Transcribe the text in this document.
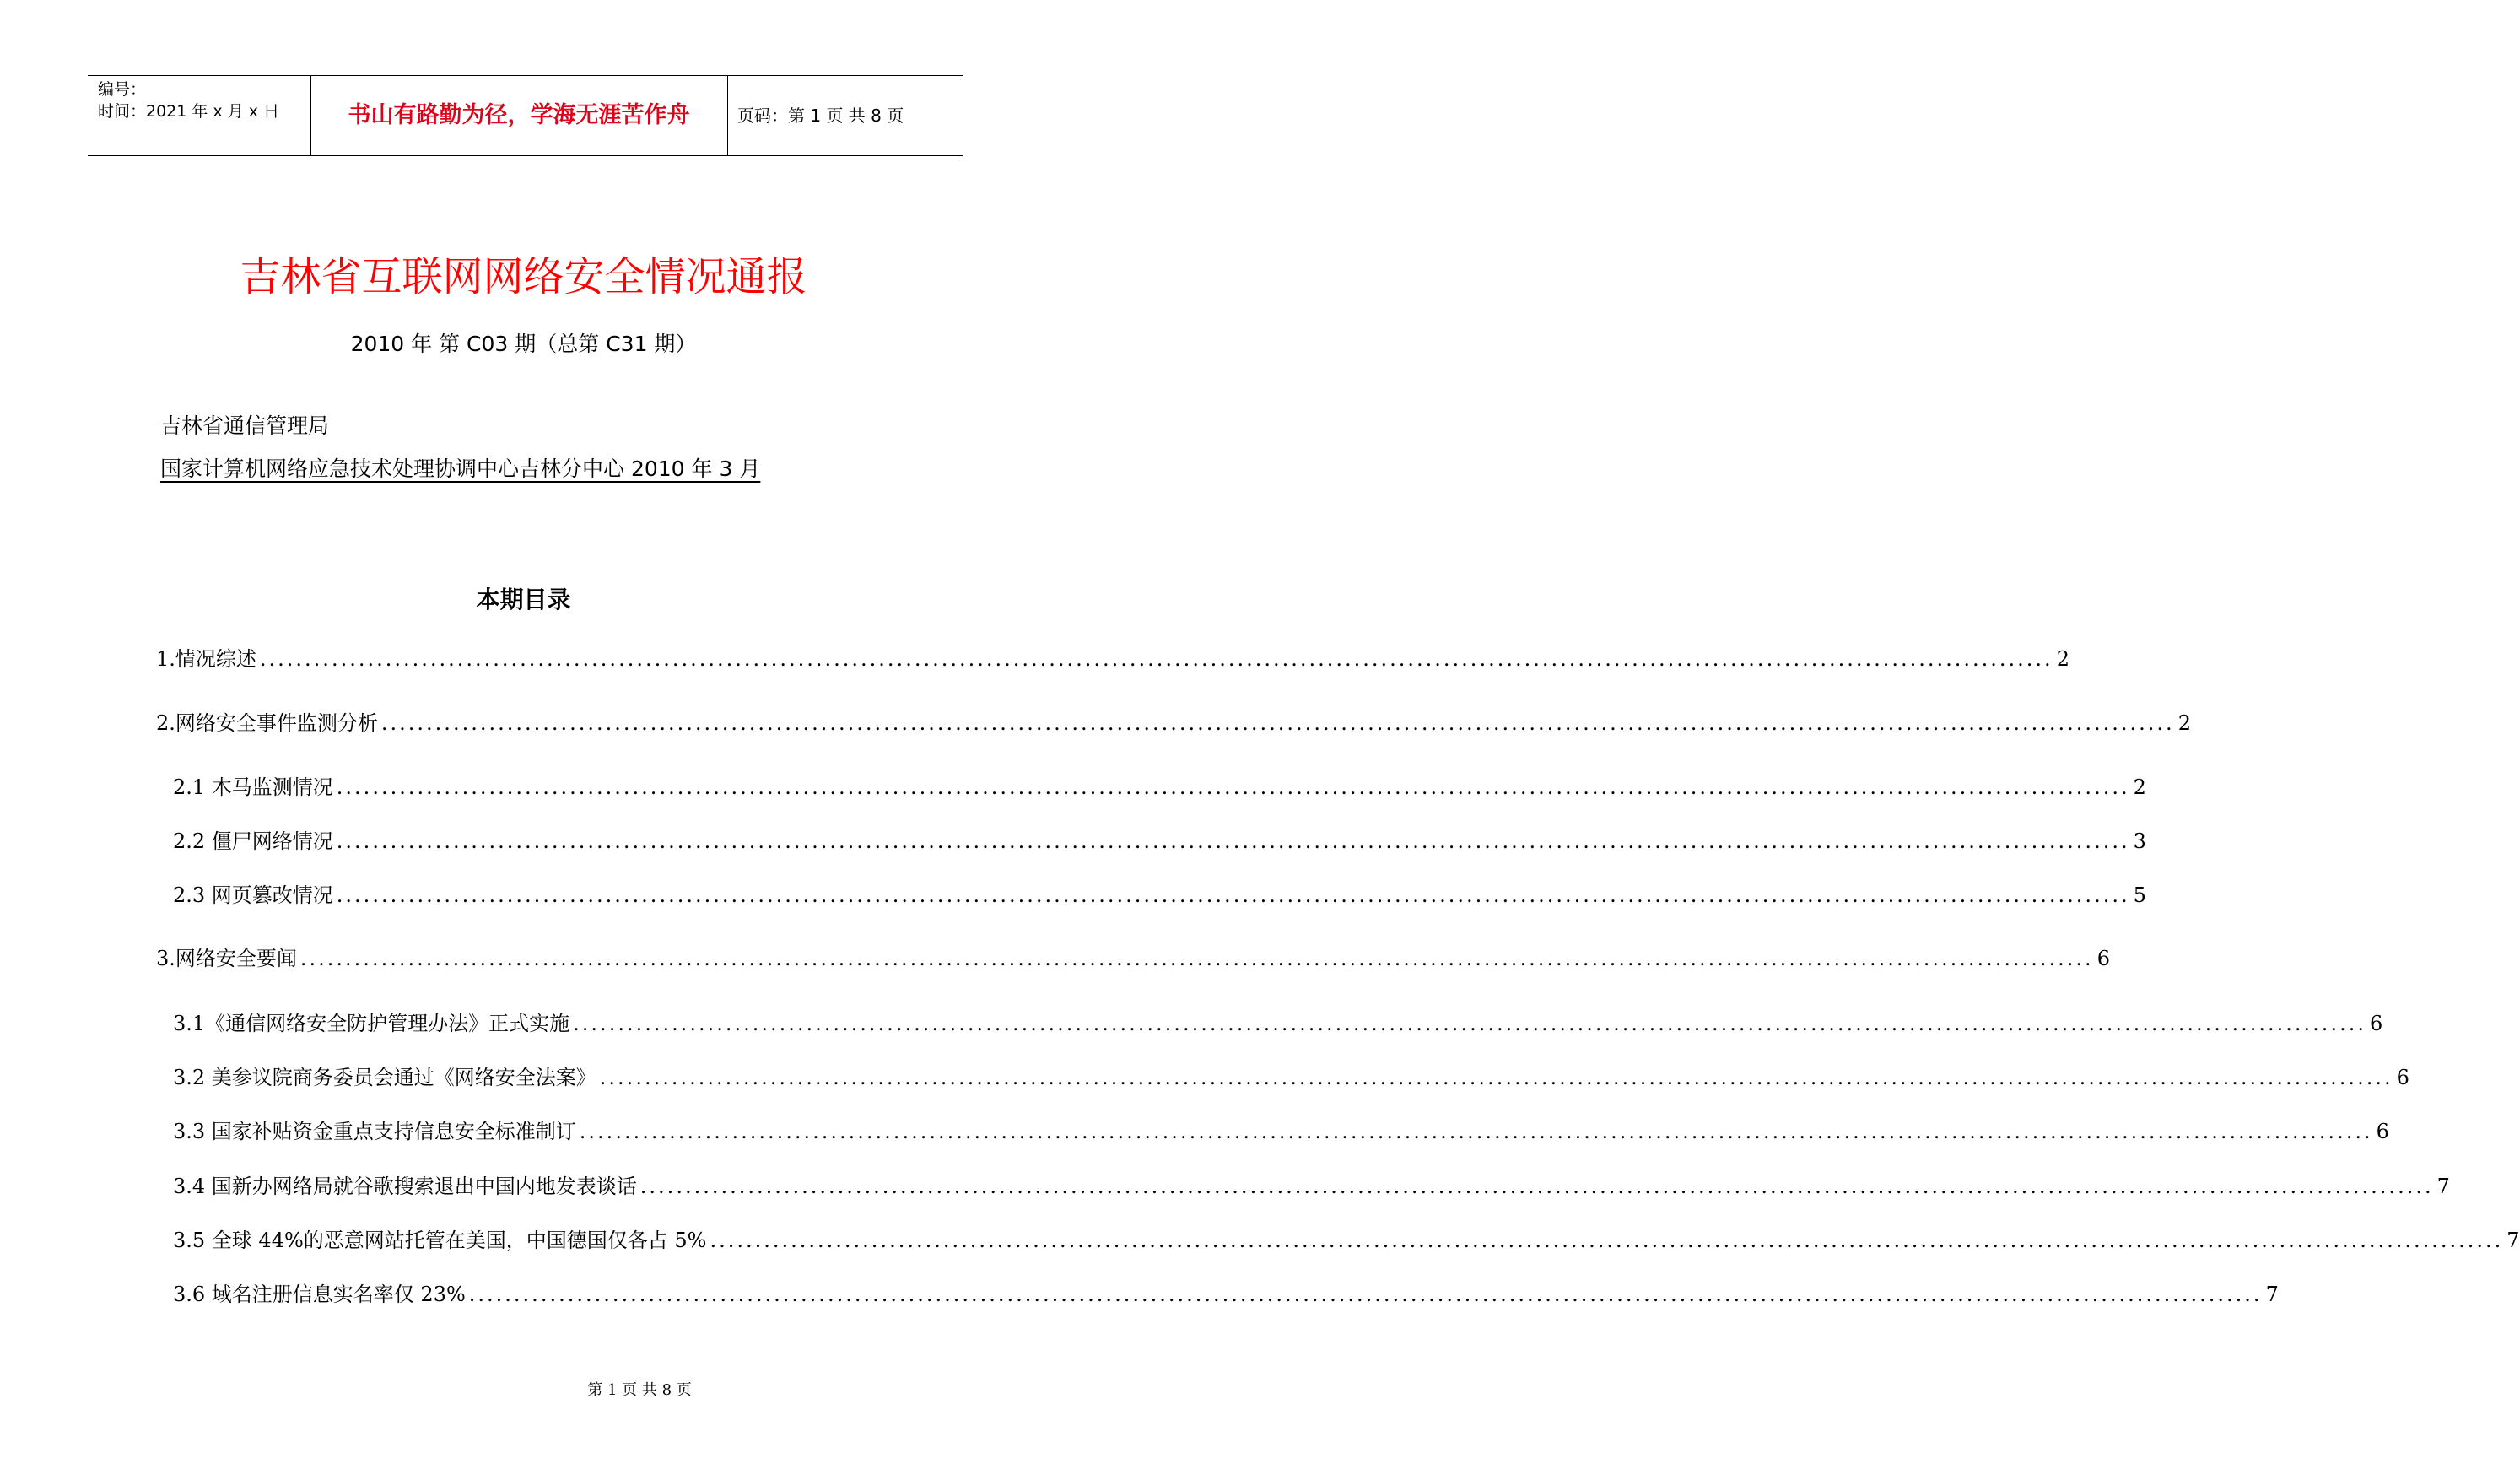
编号：
时间：2021 年 x 月 x 日	书山有路勤为径，学海无涯苦作舟	页码：第 1 页 共 8 页
吉林省互联网网络安全情况通报
2010 年 第 C03 期（总第 C31 期）
吉林省通信管理局
国家计算机网络应急技术处理协调中心吉林分中心 2010 年 3 月
本期目录
1.情况综述 ........................................................................................................................................................................................................ 2
2.网络安全事件监测分析 ........................................................................................................................................................................................................ 2
2.1 木马监测情况 ........................................................................................................................................................................................................ 2
2.2 僵尸网络情况 ........................................................................................................................................................................................................ 3
2.3 网页篡改情况 ........................................................................................................................................................................................................ 5
3.网络安全要闻 ........................................................................................................................................................................................................ 6
3.1《通信网络安全防护管理办法》正式实施 ........................................................................................................................................................................................................ 6
3.2 美参议院商务委员会通过《网络安全法案》 ........................................................................................................................................................................................................ 6
3.3 国家补贴资金重点支持信息安全标准制订 ........................................................................................................................................................................................................ 6
3.4 国新办网络局就谷歌搜索退出中国内地发表谈话 ........................................................................................................................................................................................................ 7
3.5 全球 44%的恶意网站托管在美国，中国德国仅各占 5% ........................................................................................................................................................................................................ 7
3.6 域名注册信息实名率仅 23% ........................................................................................................................................................................................................ 7
第 1 页 共 8 页
